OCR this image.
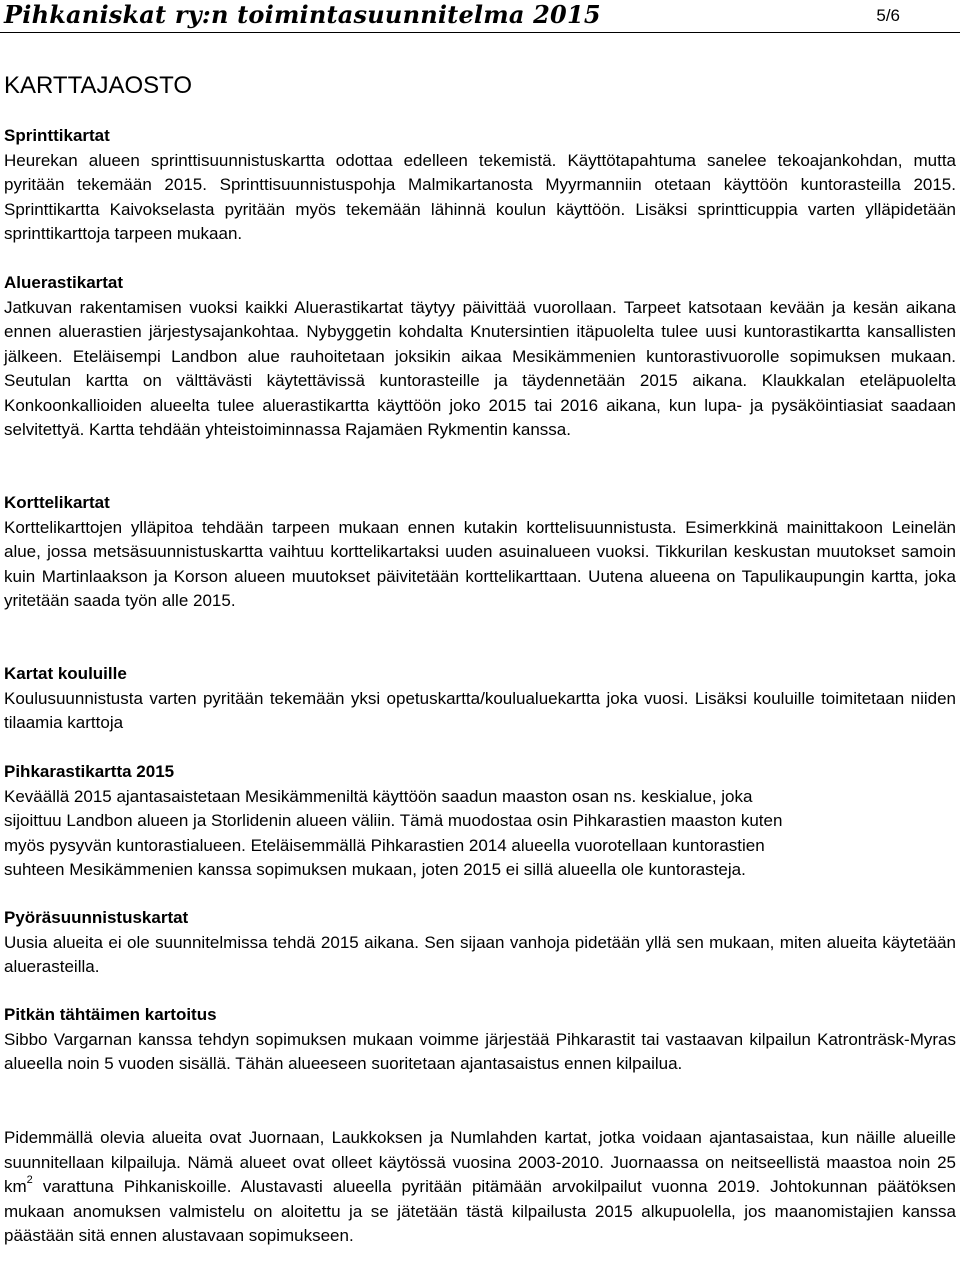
Pihkaniskat ry:n toimintasuunnitelma 2015	5/6
KARTTAJAOSTO

Sprinttikartat

Heurekan alueen sprinttisuunnistuskartta odottaa edelleen tekemistä. Käyttötapahtuma sanelee tekoajankohdan, mutta pyritään tekemään 2015. Sprinttisuunnistuspohja Malmikartanosta Myyrmanniin otetaan käyttöön kuntorasteilla 2015. Sprinttikartta Kaivokselasta pyritään myös tekemään lähinnä koulun käyttöön. Lisäksi sprintticuppia varten ylläpidetään sprinttikarttoja tarpeen mukaan.

Aluerastikartat

Jatkuvan rakentamisen vuoksi kaikki Aluerastikartat täytyy päivittää vuorollaan. Tarpeet katsotaan kevään ja kesän aikana ennen aluerastien järjestysajankohtaa. Nybyggetin kohdalta Knutersintien itäpuolelta tulee uusi kuntorastikartta kansallisten jälkeen. Eteläisempi Landbon alue rauhoitetaan joksikin aikaa Mesikämmenien kuntorastivuorolle sopimuksen mukaan. Seutulan kartta on välttävästi käytettävissä kuntorasteille ja täydennetään 2015 aikana. Klaukkalan eteläpuolelta Konkoonkallioiden alueelta tulee aluerastikartta käyttöön joko 2015 tai 2016 aikana, kun lupa- ja pysäköintiasiat saadaan selvitettyä. Kartta tehdään yhteistoiminnassa Rajamäen Rykmentin kanssa.

Korttelikartat

Korttelikarttojen ylläpitoa tehdään tarpeen mukaan ennen kutakin korttelisuunnistusta. Esimerkkinä mainittakoon Leinelän alue, jossa metsäsuunnistuskartta vaihtuu korttelikartaksi uuden asuinalueen vuoksi. Tikkurilan keskustan muutokset samoin kuin Martinlaakson ja Korson alueen muutokset päivitetään korttelikarttaan. Uutena alueena on Tapulikaupungin kartta, joka yritetään saada työn alle 2015.

Kartat kouluille

Koulusuunnistusta varten pyritään tekemään yksi opetuskartta/koulualuekartta joka vuosi. Lisäksi kouluille toimitetaan niiden tilaamia karttoja

Pihkarastikartta 2015

Keväällä 2015 ajantasaistetaan Mesikämmeniltä käyttöön saadun maaston osan ns. keskialue, joka

sijoittuu Landbon alueen ja Storlidenin alueen väliin. Tämä muodostaa osin Pihkarastien maaston kuten

myös pysyvän kuntorastialueen. Eteläisemmällä Pihkarastien 2014 alueella vuorotellaan kuntorastien

suhteen Mesikämmenien kanssa sopimuksen mukaan, joten 2015 ei sillä alueella ole kuntorasteja.

Pyöräsuunnistuskartat

Uusia alueita ei ole suunnitelmissa tehdä 2015 aikana. Sen sijaan vanhoja pidetään yllä sen mukaan, miten alueita käytetään aluerasteilla.

Pitkän tähtäimen kartoitus

Sibbo Vargarnan kanssa tehdyn sopimuksen mukaan voimme järjestää Pihkarastit tai vastaavan kilpailun Katronträsk-Myras alueella noin 5 vuoden sisällä. Tähän alueeseen suoritetaan ajantasaistus ennen kilpailua.

Pidemmällä olevia alueita ovat Juornaan, Laukkoksen ja Numlahden kartat, jotka voidaan ajantasaistaa, kun näille alueille suunnitellaan kilpailuja. Nämä alueet ovat olleet käytössä vuosina 2003-2010. Juornaassa on neitseellistä maastoa noin 25 $km^2$ varattuna Pihkaniskoille. Alustavasti alueella pyritään pitämään arvokilpailut vuonna 2019. Johtokunnan päätöksen mukaan anomuksen valmistelu on aloitettu ja se jätetään tästä kilpailusta 2015 alkupuolella, jos maanomistajien kanssa päästään sitä ennen alustavaan sopimukseen.
